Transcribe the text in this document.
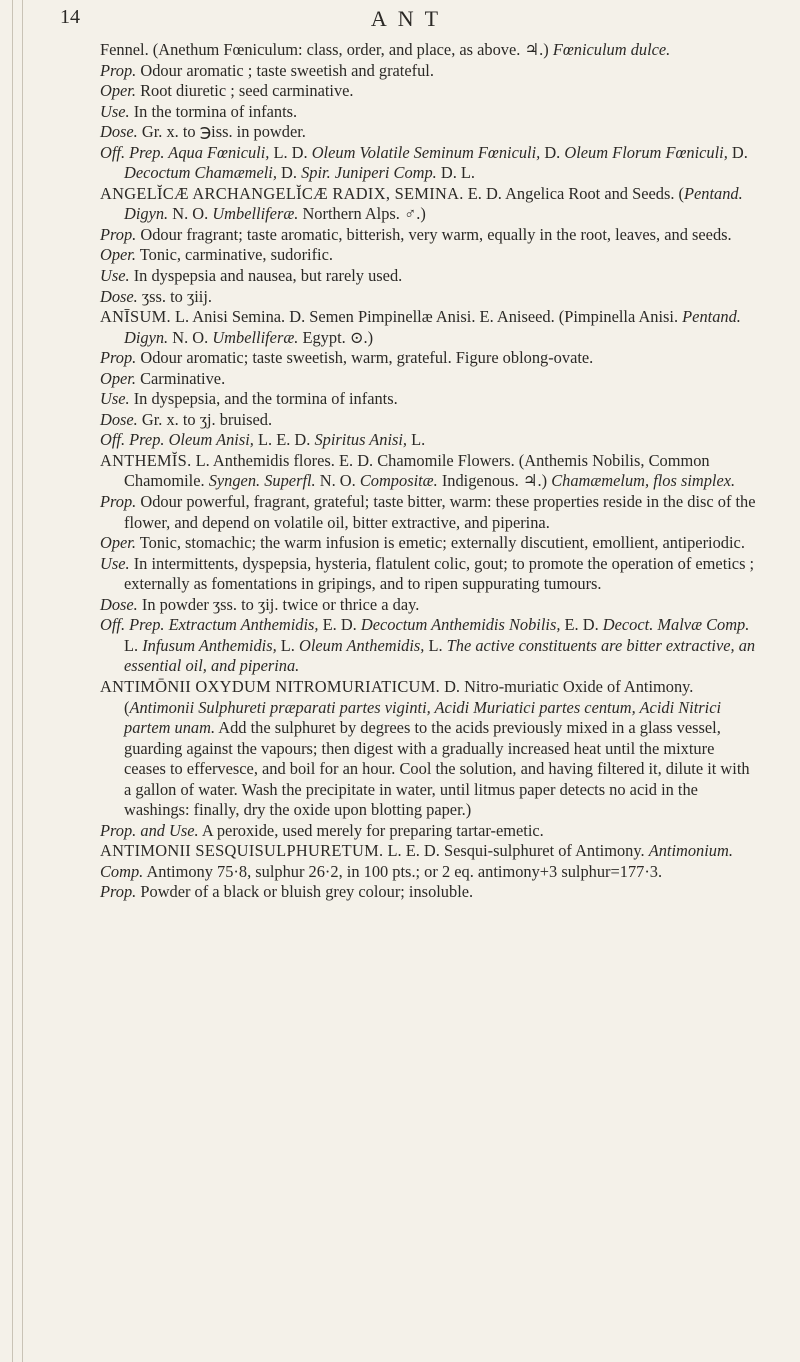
14	ANT

Fennel. (Anethum Fœniculum: class, order, and place, as above. ♃.) Fœniculum dulce.

Prop. Odour aromatic ; taste sweetish and grateful.

Oper. Root diuretic ; seed carminative.

Use. In the tormina of infants.

Dose. Gr. x. to ℈iss. in powder.

Off. Prep. Aqua Fœniculi, L. D. Oleum Volatile Seminum Fœniculi, D. Oleum Florum Fœniculi, D. Decoctum Chamæmeli, D. Spir. Juniperi Comp. D. L.

ANGELĬCÆ ARCHANGELĬCÆ RADIX, SEMINA. E. D. Angelica Root and Seeds. (Pentand. Digyn. N. O. Umbelliferæ. Northern Alps. ♂.)

Prop. Odour fragrant; taste aromatic, bitterish, very warm, equally in the root, leaves, and seeds.

Oper. Tonic, carminative, sudorific.

Use. In dyspepsia and nausea, but rarely used.

Dose. ʒss. to ʒiij.

ANĪSUM. L. Anisi Semina. D. Semen Pimpinellæ Anisi. E. Aniseed. (Pimpinella Anisi. Pentand. Digyn. N. O. Umbelliferæ. Egypt. ⊙.)

Prop. Odour aromatic; taste sweetish, warm, grateful. Figure oblong-ovate.

Oper. Carminative.

Use. In dyspepsia, and the tormina of infants.

Dose. Gr. x. to ʒj. bruised.

Off. Prep. Oleum Anisi, L. E. D. Spiritus Anisi, L.

ANTHEMĬS. L. Anthemidis flores. E. D. Chamomile Flowers. (Anthemis Nobilis, Common Chamomile. Syngen. Superfl. N. O. Compositæ. Indigenous. ♃.) Chamæmelum, flos simplex.

Prop. Odour powerful, fragrant, grateful; taste bitter, warm: these properties reside in the disc of the flower, and depend on volatile oil, bitter extractive, and piperina.

Oper. Tonic, stomachic; the warm infusion is emetic; externally discutient, emollient, antiperiodic.

Use. In intermittents, dyspepsia, hysteria, flatulent colic, gout; to promote the operation of emetics ; externally as fomentations in gripings, and to ripen suppurating tumours.

Dose. In powder ʒss. to ʒij. twice or thrice a day.

Off. Prep. Extractum Anthemidis, E. D. Decoctum Anthemidis Nobilis, E. D. Decoct. Malvæ Comp. L. Infusum Anthemidis, L. Oleum Anthemidis, L. The active constituents are bitter extractive, an essential oil, and piperina.

ANTIMŌNII OXYDUM NITROMURIATICUM. D. Nitro-muriatic Oxide of Antimony. (Antimonii Sulphureti præparati partes viginti, Acidi Muriatici partes centum, Acidi Nitrici partem unam. Add the sulphuret by degrees to the acids previously mixed in a glass vessel, guarding against the vapours; then digest with a gradually increased heat until the mixture ceases to effervesce, and boil for an hour. Cool the solution, and having filtered it, dilute it with a gallon of water. Wash the precipitate in water, until litmus paper detects no acid in the washings: finally, dry the oxide upon blotting paper.)

Prop. and Use. A peroxide, used merely for preparing tartar-emetic.

ANTIMONII SESQUISULPHURETUM. L. E. D. Sesqui-sulphuret of Antimony. Antimonium.

Comp. Antimony 75·8, sulphur 26·2, in 100 pts.; or 2 eq. antimony+3 sulphur=177·3.

Prop. Powder of a black or bluish grey colour; insoluble.
